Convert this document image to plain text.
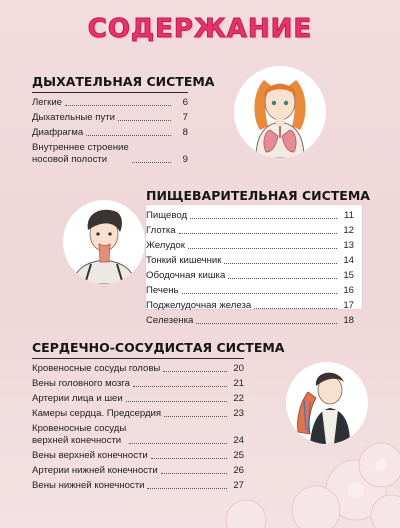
СОДЕРЖАНИЕ
ДЫХАТЕЛЬНАЯ СИСТЕМА
Легкие	6
Дыхательные пути	7
Диафрагма	8
Внутреннее строение
носовой полости	9
ПИЩЕВАРИТЕЛЬНАЯ СИСТЕМА
Пищевод	11
Глотка	12
Желудок	13
Тонкий кишечник	14
Ободочная кишка	15
Печень	16
Поджелудочная железа	17
Селезенка	18
СЕРДЕЧНО-СОСУДИСТАЯ СИСТЕМА
Кровеносные сосуды головы	20
Вены головного мозга	21
Артерии лица и шеи	22
Камеры сердца. Предсердия	23
Кровеносные сосуды
верхней конечности	24
Вены верхней конечности	25
Артерии нижней конечности	26
Вены нижней конечности	27
